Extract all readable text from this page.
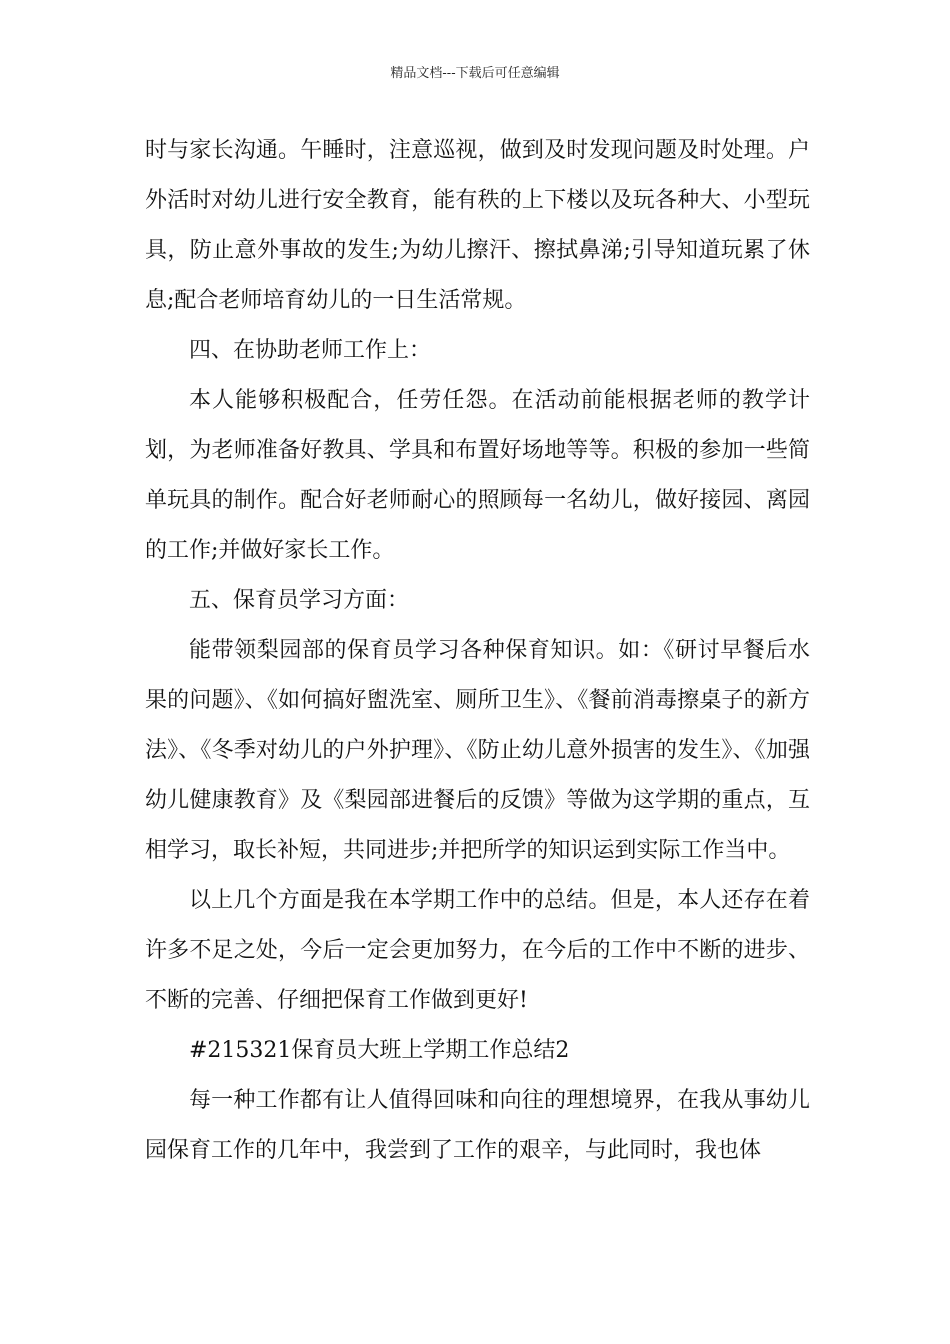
精品文档---下载后可任意编辑

时与家长沟通。午睡时，注意巡视，做到及时发现问题及时处理。户外活时对幼儿进行安全教育，能有秩的上下楼以及玩各种大、小型玩具，防止意外事故的发生;为幼儿擦汗、擦拭鼻涕;引导知道玩累了休息;配合老师培育幼儿的一日生活常规。

四、在协助老师工作上：

本人能够积极配合，任劳任怨。在活动前能根据老师的教学计划，为老师准备好教具、学具和布置好场地等等。积极的参加一些简单玩具的制作。配合好老师耐心的照顾每一名幼儿，做好接园、离园的工作;并做好家长工作。

五、保育员学习方面：

能带领梨园部的保育员学习各种保育知识。如：《研讨早餐后水果的问题》、《如何搞好盥洗室、厕所卫生》、《餐前消毒擦桌子的新方法》、《冬季对幼儿的户外护理》、《防止幼儿意外损害的发生》、《加强幼儿健康教育》及《梨园部进餐后的反馈》等做为这学期的重点，互相学习，取长补短，共同进步;并把所学的知识运到实际工作当中。

以上几个方面是我在本学期工作中的总结。但是，本人还存在着许多不足之处，今后一定会更加努力，在今后的工作中不断的进步、不断的完善、仔细把保育工作做到更好!

#215321保育员大班上学期工作总结2

每一种工作都有让人值得回味和向往的理想境界，在我从事幼儿园保育工作的几年中，我尝到了工作的艰辛，与此同时，我也体
